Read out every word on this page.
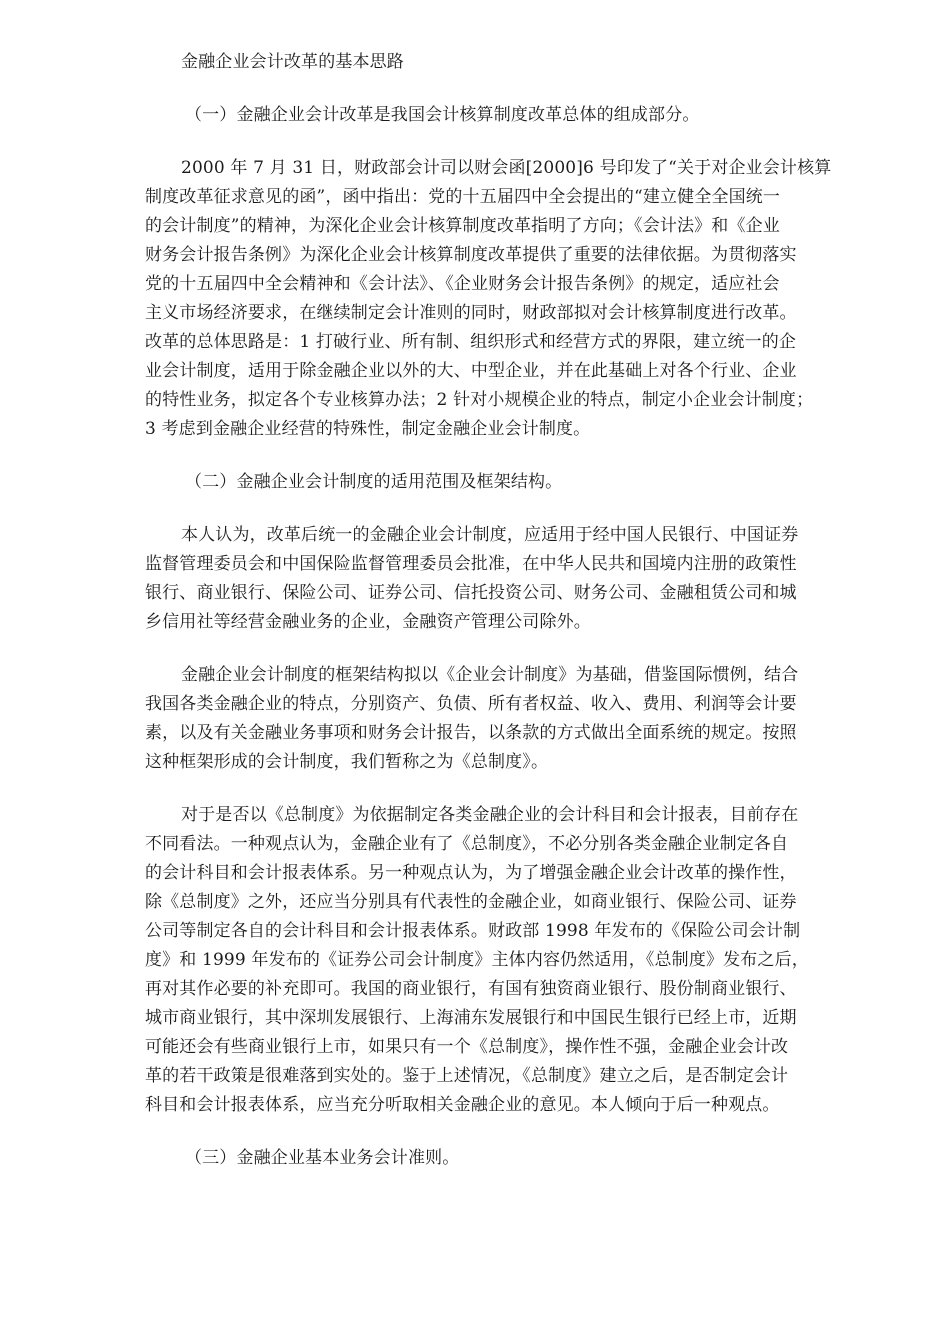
金融企业会计改革的基本思路

（一）金融企业会计改革是我国会计核算制度改革总体的组成部分。

2000 年 7 月 31 日，财政部会计司以财会函[2000]6 号印发了“关于对企业会计核算

制度改革征求意见的函”，函中指出：党的十五届四中全会提出的“建立健全全国统一

的会计制度”的精神，为深化企业会计核算制度改革指明了方向；《会计法》和《企业

财务会计报告条例》为深化企业会计核算制度改革提供了重要的法律依据。为贯彻落实

党的十五届四中全会精神和《会计法》、《企业财务会计报告条例》的规定，适应社会

主义市场经济要求，在继续制定会计准则的同时，财政部拟对会计核算制度进行改革。

改革的总体思路是：1 打破行业、所有制、组织形式和经营方式的界限，建立统一的企

业会计制度，适用于除金融企业以外的大、中型企业，并在此基础上对各个行业、企业

的特性业务，拟定各个专业核算办法；2 针对小规模企业的特点，制定小企业会计制度；

3 考虑到金融企业经营的特殊性，制定金融企业会计制度。

（二）金融企业会计制度的适用范围及框架结构。

本人认为，改革后统一的金融企业会计制度，应适用于经中国人民银行、中国证券

监督管理委员会和中国保险监督管理委员会批准，在中华人民共和国境内注册的政策性

银行、商业银行、保险公司、证券公司、信托投资公司、财务公司、金融租赁公司和城

乡信用社等经营金融业务的企业，金融资产管理公司除外。

金融企业会计制度的框架结构拟以《企业会计制度》为基础，借鉴国际惯例，结合

我国各类金融企业的特点，分别资产、负债、所有者权益、收入、费用、利润等会计要

素，以及有关金融业务事项和财务会计报告，以条款的方式做出全面系统的规定。按照

这种框架形成的会计制度，我们暂称之为《总制度》。

对于是否以《总制度》为依据制定各类金融企业的会计科目和会计报表，目前存在

不同看法。一种观点认为，金融企业有了《总制度》，不必分别各类金融企业制定各自

的会计科目和会计报表体系。另一种观点认为，为了增强金融企业会计改革的操作性，

除《总制度》之外，还应当分别具有代表性的金融企业，如商业银行、保险公司、证券

公司等制定各自的会计科目和会计报表体系。财政部 1998 年发布的《保险公司会计制

度》和 1999 年发布的《证券公司会计制度》主体内容仍然适用，《总制度》发布之后，

再对其作必要的补充即可。我国的商业银行，有国有独资商业银行、股份制商业银行、

城市商业银行，其中深圳发展银行、上海浦东发展银行和中国民生银行已经上市，近期

可能还会有些商业银行上市，如果只有一个《总制度》，操作性不强，金融企业会计改

革的若干政策是很难落到实处的。鉴于上述情况，《总制度》建立之后，是否制定会计

科目和会计报表体系，应当充分听取相关金融企业的意见。本人倾向于后一种观点。

（三）金融企业基本业务会计准则。
